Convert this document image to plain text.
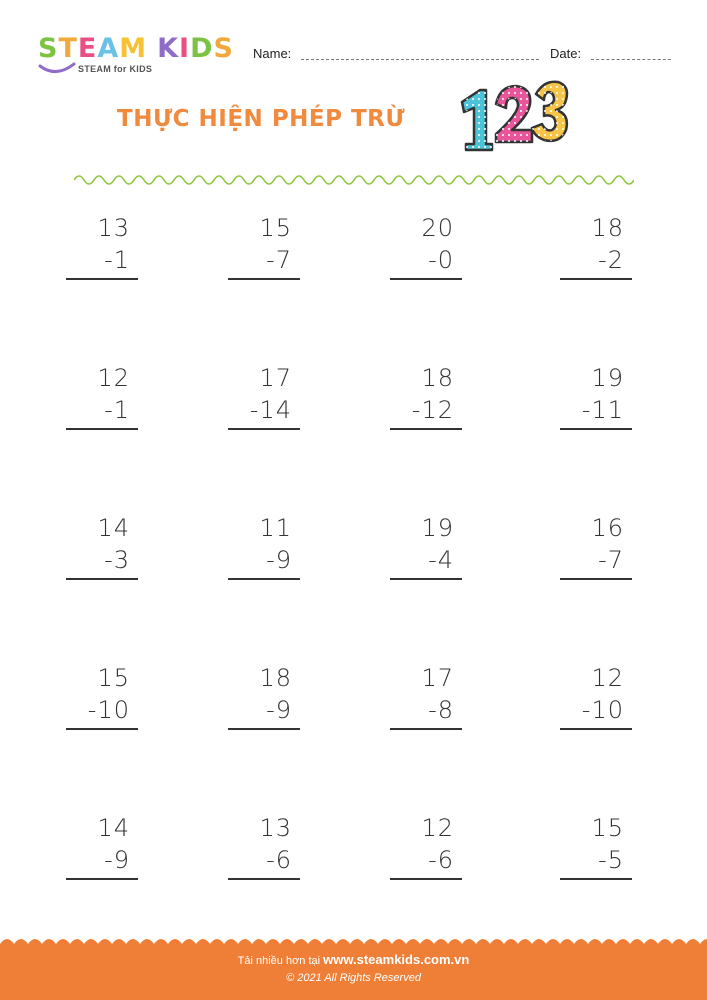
STEAM KIDS
STEAM for KIDS
Name:	Date:
THỰC HIỆN PHÉP TRỪ
13
-1
15
-7
20
-0
18
-2
12
-1
17
-14
18
-12
19
-11
14
-3
11
-9
19
-4
16
-7
15
-10
18
-9
17
-8
12
-10
14
-9
13
-6
12
-6
15
-5
Tải nhiều hơn tại www.steamkids.com.vn
© 2021 All Rights Reserved
